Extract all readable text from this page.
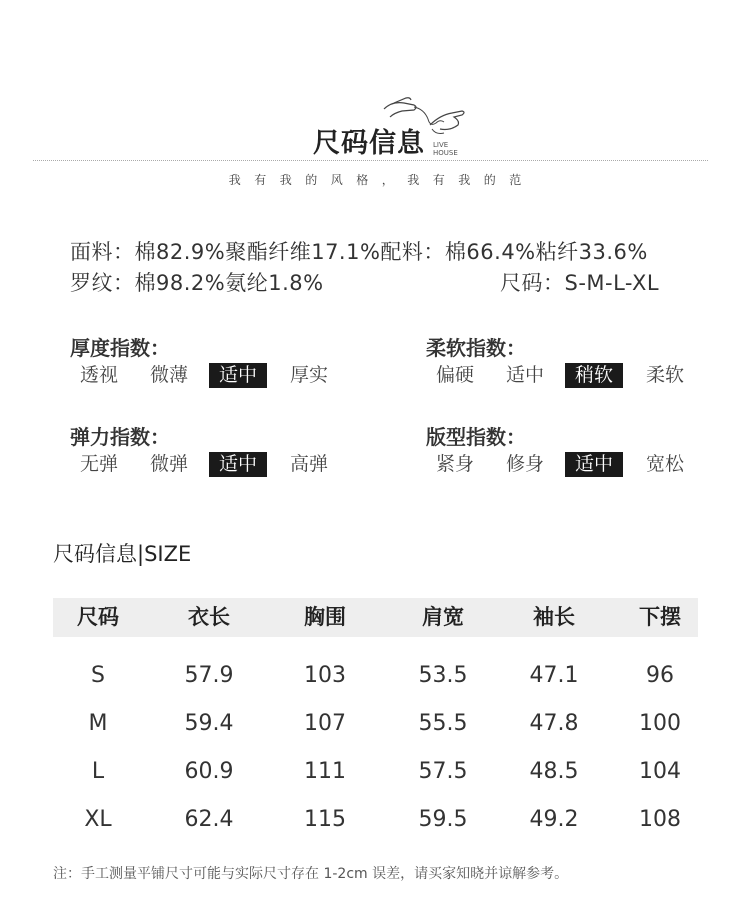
尺码信息 LIVE
HOUSE
我	有	我	的	风	格	，	我	有	我	的	范
面料：棉82.9%聚酯纤维17.1%配料：棉66.4%粘纤33.6%
罗纹：棉98.2%氨纶1.8%	尺码：S-M-L-XL
厚度指数：
透视	微薄	适中	厚实
柔软指数：
偏硬	适中	稍软	柔软
弹力指数：
无弹	微弹	适中	高弹
版型指数：
紧身	修身	适中	宽松
尺码信息|SIZE
尺码	衣长	胸围	肩宽	袖长	下摆
S	57.9	103	53.5	47.1	96
M	59.4	107	55.5	47.8	100
L	60.9	111	57.5	48.5	104
XL	62.4	115	59.5	49.2	108
注：手工测量平铺尺寸可能与实际尺寸存在 1-2cm 误差，请买家知晓并谅解参考。
